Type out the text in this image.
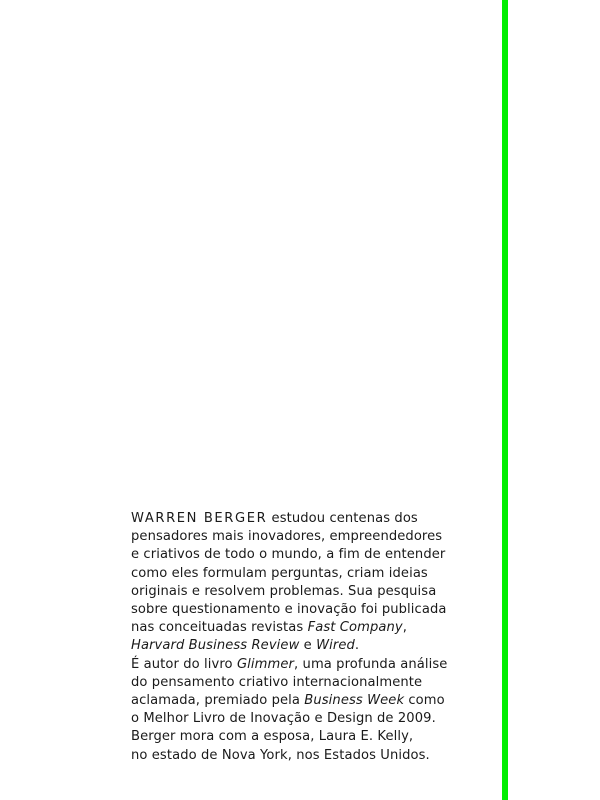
WARREN BERGER estudou centenas dos
pensadores mais inovadores, empreendedores
e criativos de todo o mundo, a fim de entender
como eles formulam perguntas, criam ideias
originais e resolvem problemas. Sua pesquisa
sobre questionamento e inovação foi publicada
nas conceituadas revistas Fast Company,
Harvard Business Review e Wired.
É autor do livro Glimmer, uma profunda análise
do pensamento criativo internacionalmente
aclamada, premiado pela Business Week como
o Melhor Livro de Inovação e Design de 2009.
Berger mora com a esposa, Laura E. Kelly,
no estado de Nova York, nos Estados Unidos.
